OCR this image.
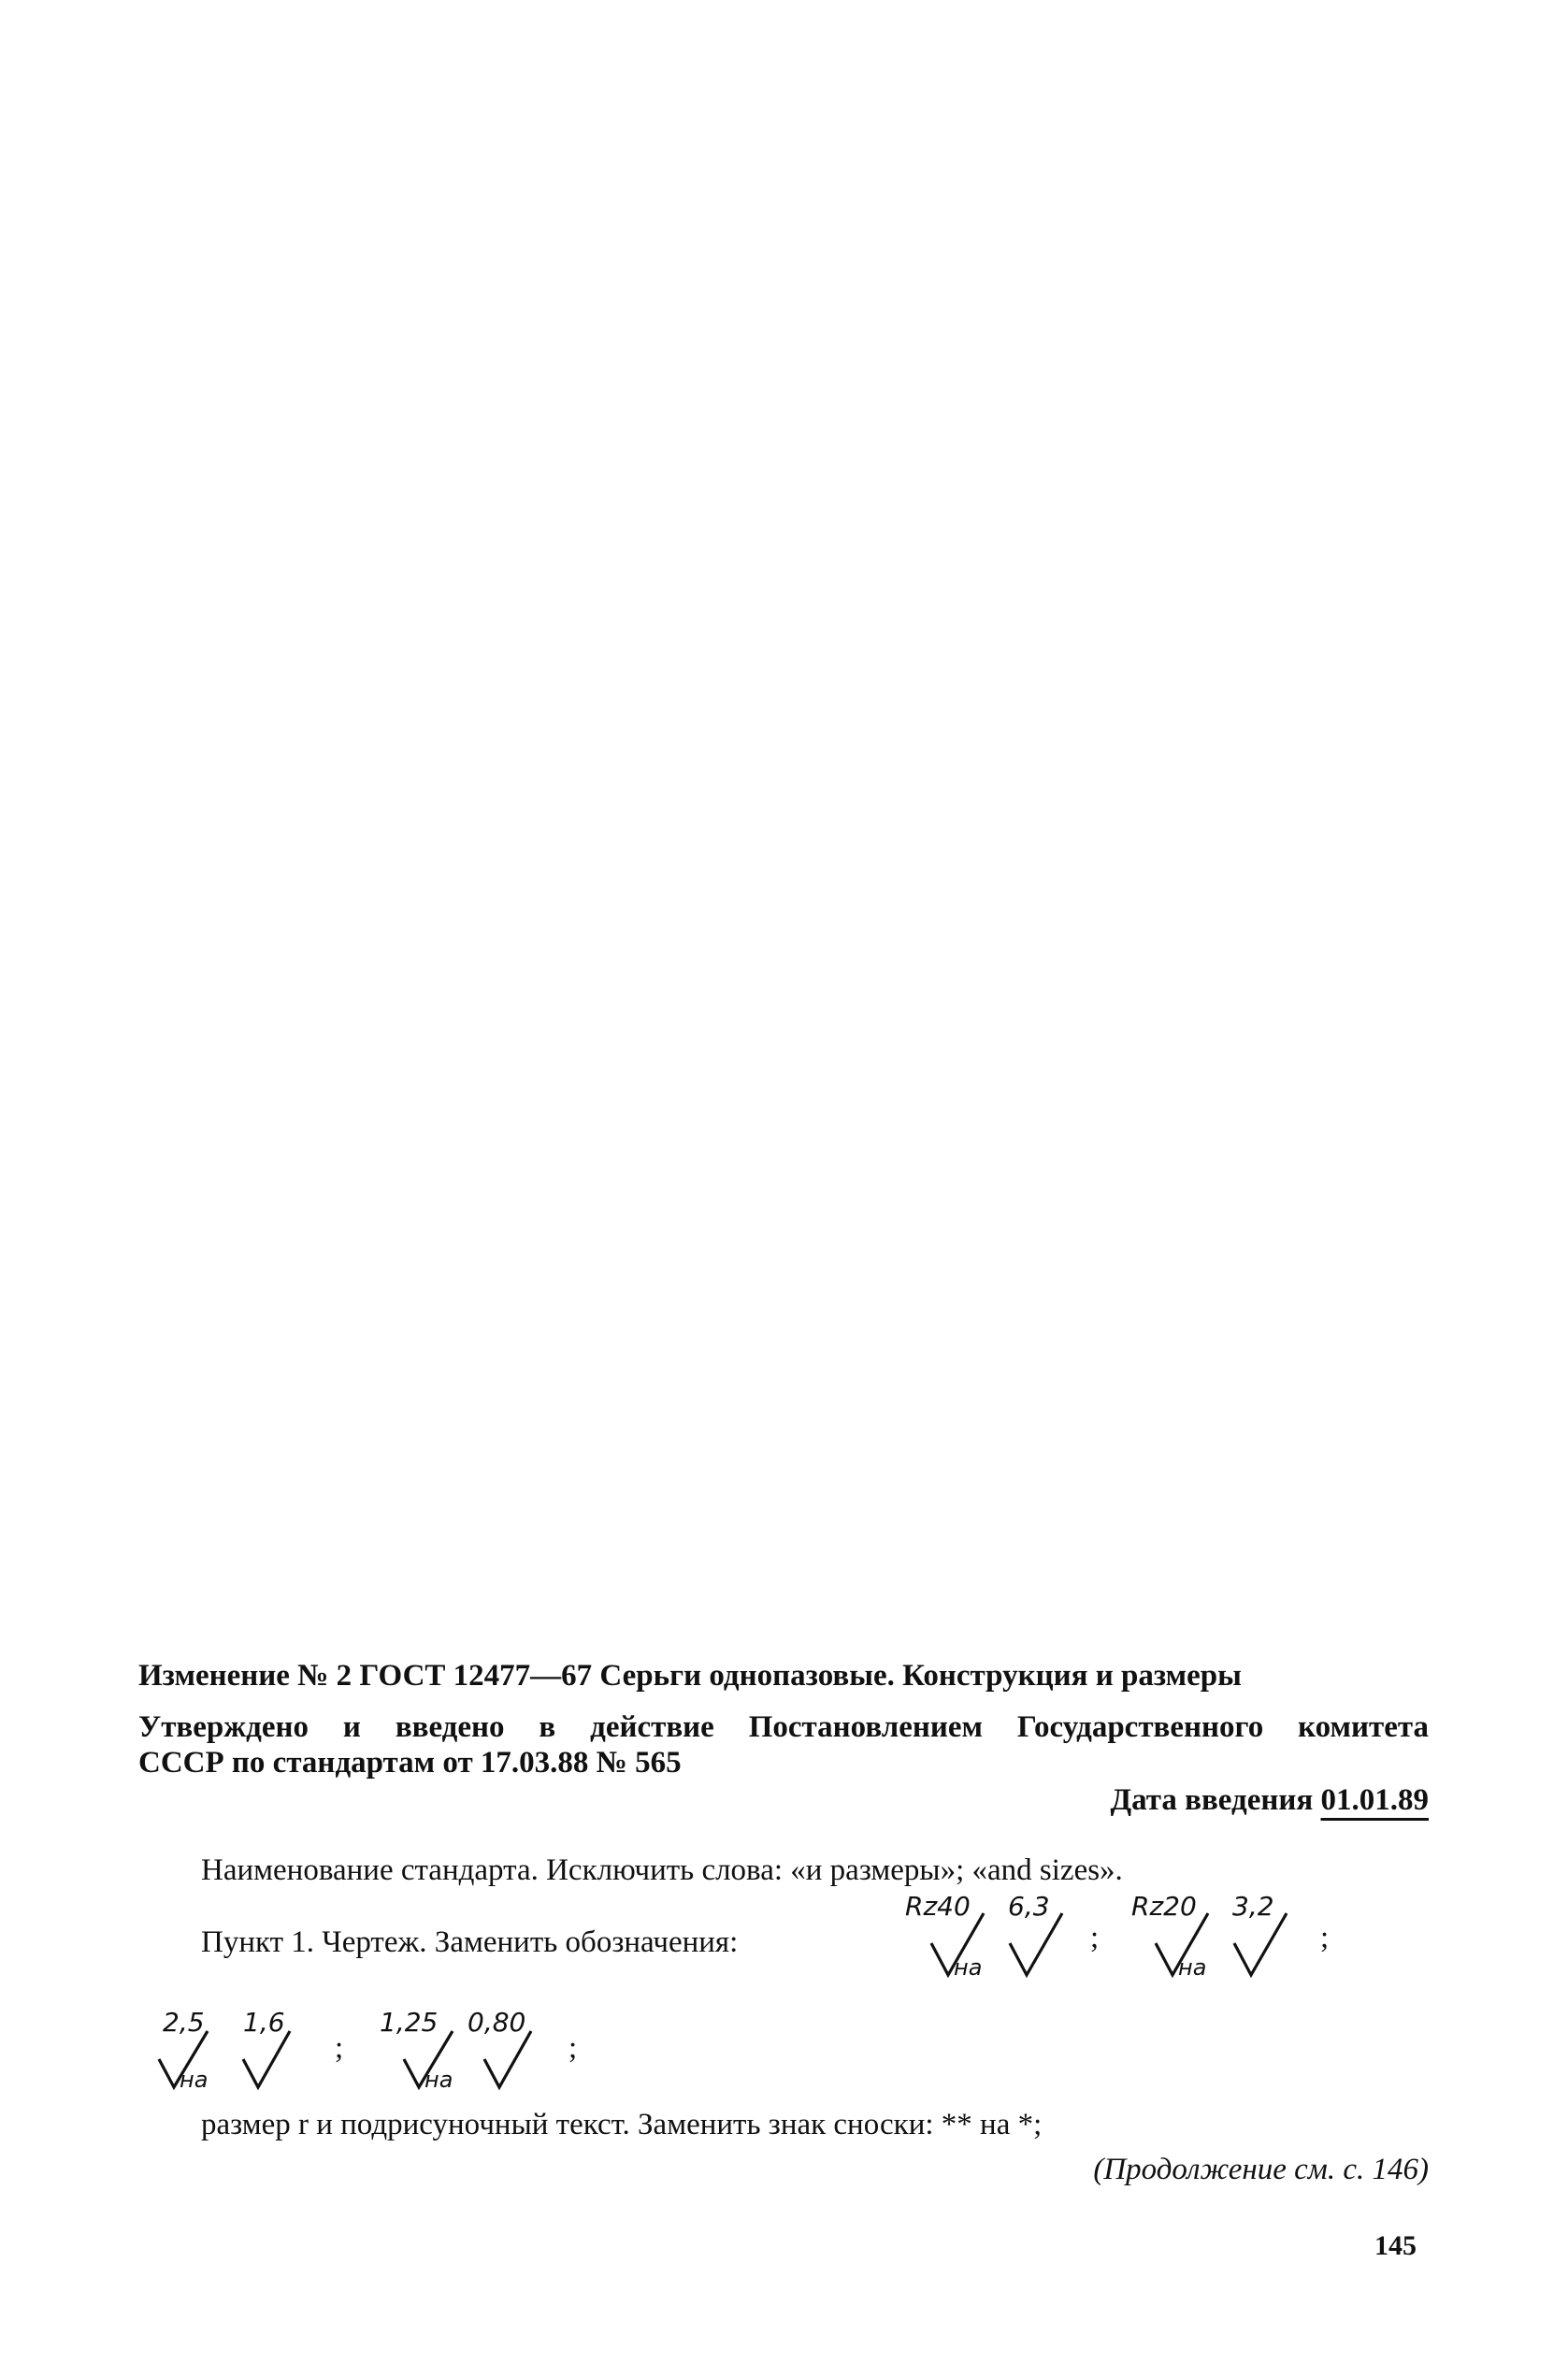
Изменение № 2 ГОСТ 12477—67 Серьги однопазовые. Конструкция и размеры
Утверждено и введено в действие Постановлением Государственного комитета
СССР по стандартам от 17.03.88 № 565
Дата введения 01.01.89
Наименование стандарта. Исключить слова: «и размеры»; «and sizes».
Пункт 1. Чертеж. Заменить обозначения:
Rz40
на
6,3
;
Rz20
на
3,2
;
2,5
на
1,6
;
1,25
на
0,80
;
размер r и подрисуночный текст. Заменить знак сноски: ** на *;
(Продолжение см. с. 146)
145
